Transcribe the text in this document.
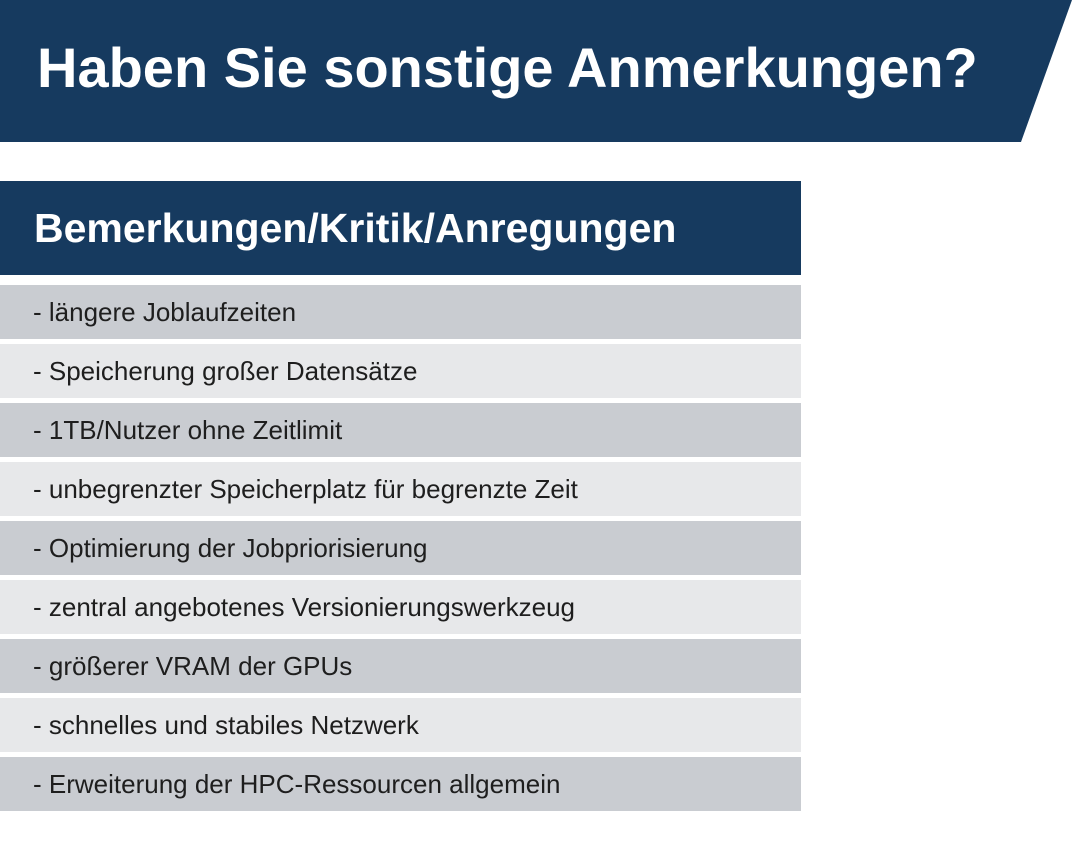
Haben Sie sonstige Anmerkungen?
Bemerkungen/Kritik/Anregungen
- längere Joblaufzeiten
- Speicherung großer Datensätze
- 1TB/Nutzer ohne Zeitlimit
- unbegrenzter Speicherplatz für begrenzte Zeit
- Optimierung der Jobpriorisierung
- zentral angebotenes Versionierungswerkzeug
- größerer VRAM der GPUs
- schnelles und stabiles Netzwerk
- Erweiterung der HPC-Ressourcen allgemein
